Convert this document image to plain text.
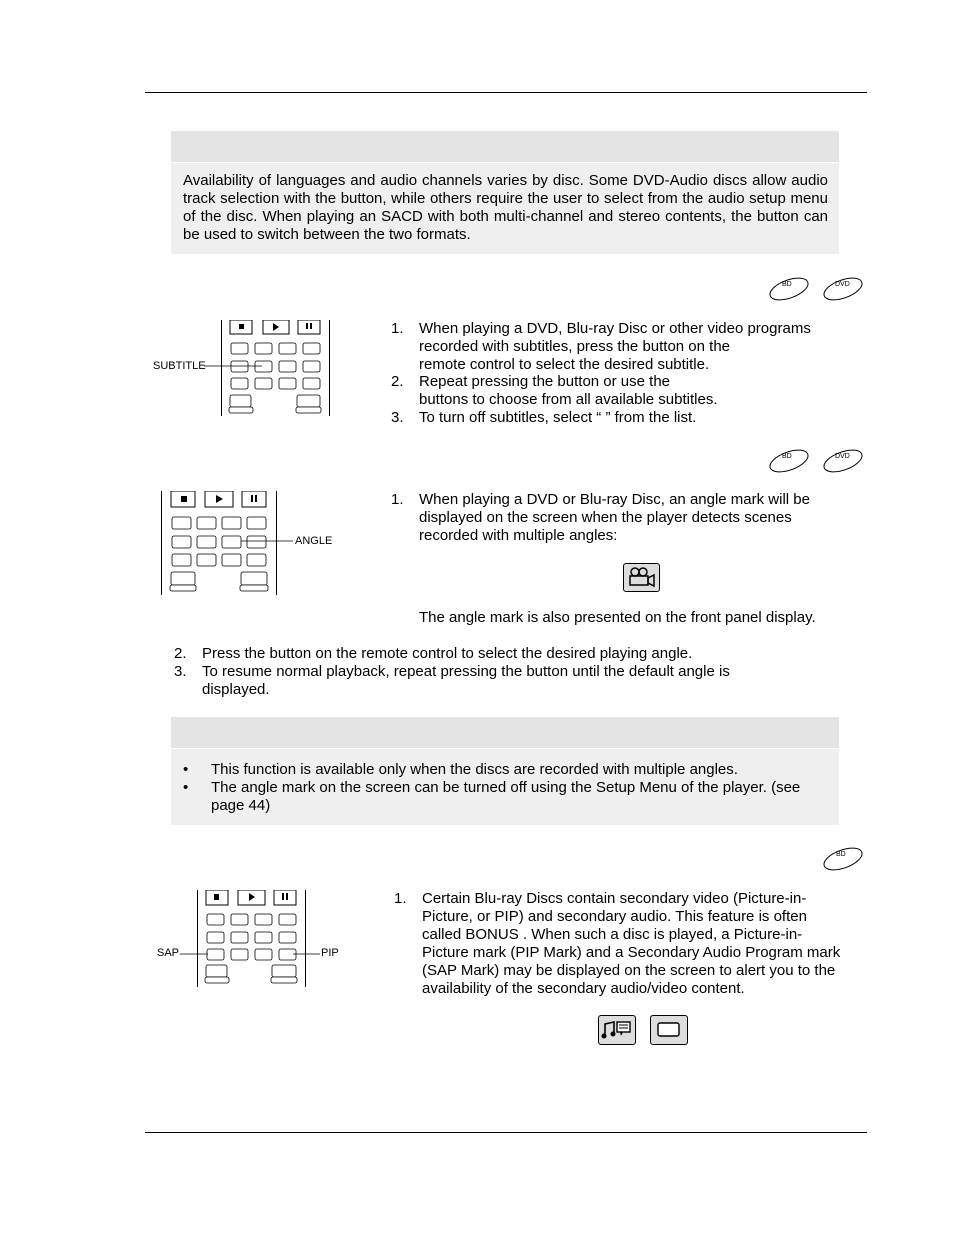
Availability of languages and audio channels varies by disc. Some DVD-Audio discs allow audio track selection with the button, while others require the user to select from the audio setup menu of the disc. When playing an SACD with both multi-channel and stereo contents, the button can be used to switch between the two formats.

BD	DVD
SUBTITLE
1. When playing a DVD, Blu-ray Disc or other video programs
recorded with subtitles, press the button on the
remote control to select the desired subtitle.
2. Repeat pressing the button or use the
buttons to choose from all available subtitles.
3. To turn off subtitles, select “ ” from the list.
BD	DVD
ANGLE
1. When playing a DVD or Blu-ray Disc, an angle mark will be
displayed on the screen when the player detects scenes
recorded with multiple angles:
The angle mark is also presented on the front panel display.
2. Press the button on the remote control to select the desired playing angle.
3. To resume normal playback, repeat pressing the button until the default angle is
displayed.
• This function is available only when the discs are recorded with multiple angles.
• The angle mark on the screen can be turned off using the Setup Menu of the player. (see page 44)
BD
SAP	PIP
1. Certain Blu-ray Discs contain secondary video (Picture-in-
Picture, or PIP) and secondary audio. This feature is often
called BONUS . When such a disc is played, a Picture-in-
Picture mark (PIP Mark) and a Secondary Audio Program mark
(SAP Mark) may be displayed on the screen to alert you to the
availability of the secondary audio/video content.
